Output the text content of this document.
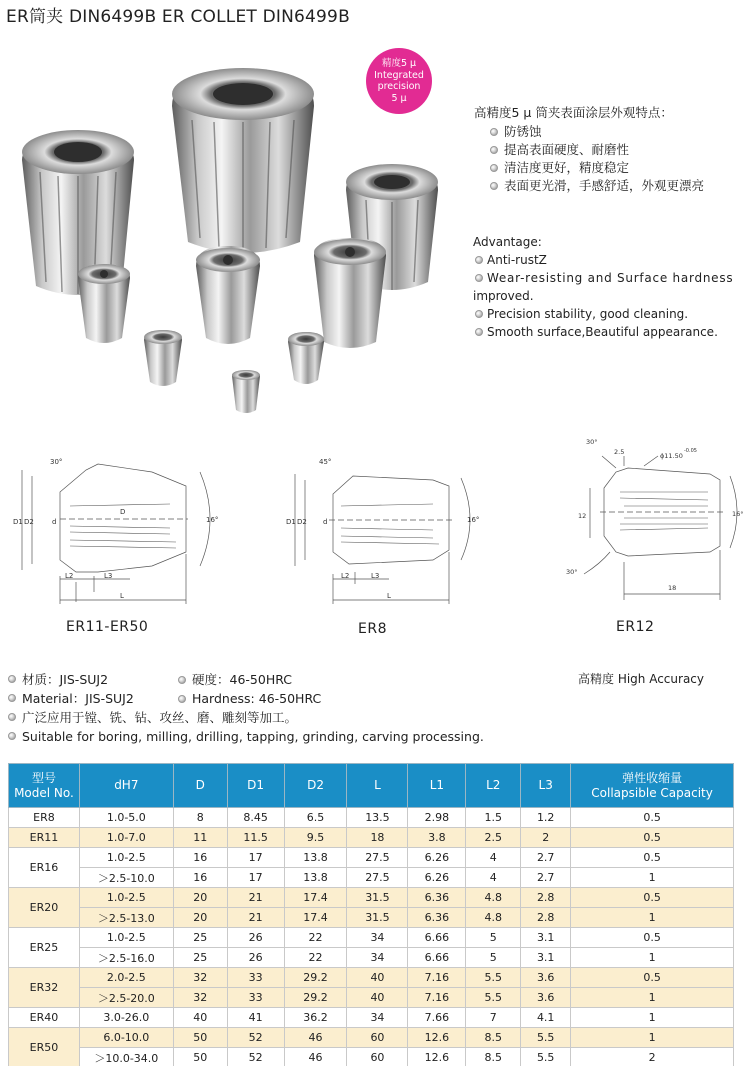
ER筒夹 DIN6499B ER COLLET DIN6499B
精度5 μ
Integrated
precision
5 μ
高精度5 μ 筒夹表面涂层外观特点：
防锈蚀
提高表面硬度、耐磨性
清洁度更好，精度稳定
表面更光滑，手感舒适，外观更漂亮
Advantage:
Anti-rustZ
Wear-resisting and Surface hardness
improved.
Precision stability, good cleaning.
Smooth surface,Beautiful appearance.
D1 D2	d
D
L2	L3
L
30°
16°
ER11-ER50
D1 D2 d
L2	L3
L
45°
16°
ER8
30°
2.5	ϕ11.50
-0.05
12
30°
18
16°
ER12
材质：JIS-SUJ2	硬度：46-50HRC
Material：JIS-SUJ2	Hardness: 46-50HRC
广泛应用于镗、铣、钻、攻丝、磨、雕刻等加工。
Suitable for boring, milling, drilling, tapping, grinding, carving processing.
高精度 High Accuracy
型号
Model No.	dH7	D	D1	D2	L	L1	L2	L3	弹性收缩量
Collapsible Capacity
ER8	1.0-5.0	8	8.45	6.5	13.5	2.98	1.5	1.2	0.5
ER11	1.0-7.0	11	11.5	9.5	18	3.8	2.5	2	0.5
ER16	1.0-2.5	16	17	13.8	27.5	6.26	4	2.7	0.5
	＞2.5-10.0	16	17	13.8	27.5	6.26	4	2.7	1
ER20	1.0-2.5	20	21	17.4	31.5	6.36	4.8	2.8	0.5
	＞2.5-13.0	20	21	17.4	31.5	6.36	4.8	2.8	1
ER25	1.0-2.5	25	26	22	34	6.66	5	3.1	0.5
	＞2.5-16.0	25	26	22	34	6.66	5	3.1	1
ER32	2.0-2.5	32	33	29.2	40	7.16	5.5	3.6	0.5
	＞2.5-20.0	32	33	29.2	40	7.16	5.5	3.6	1
ER40	3.0-26.0	40	41	36.2	34	7.66	7	4.1	1
ER50	6.0-10.0	50	52	46	60	12.6	8.5	5.5	1
	＞10.0-34.0	50	52	46	60	12.6	8.5	5.5	2
